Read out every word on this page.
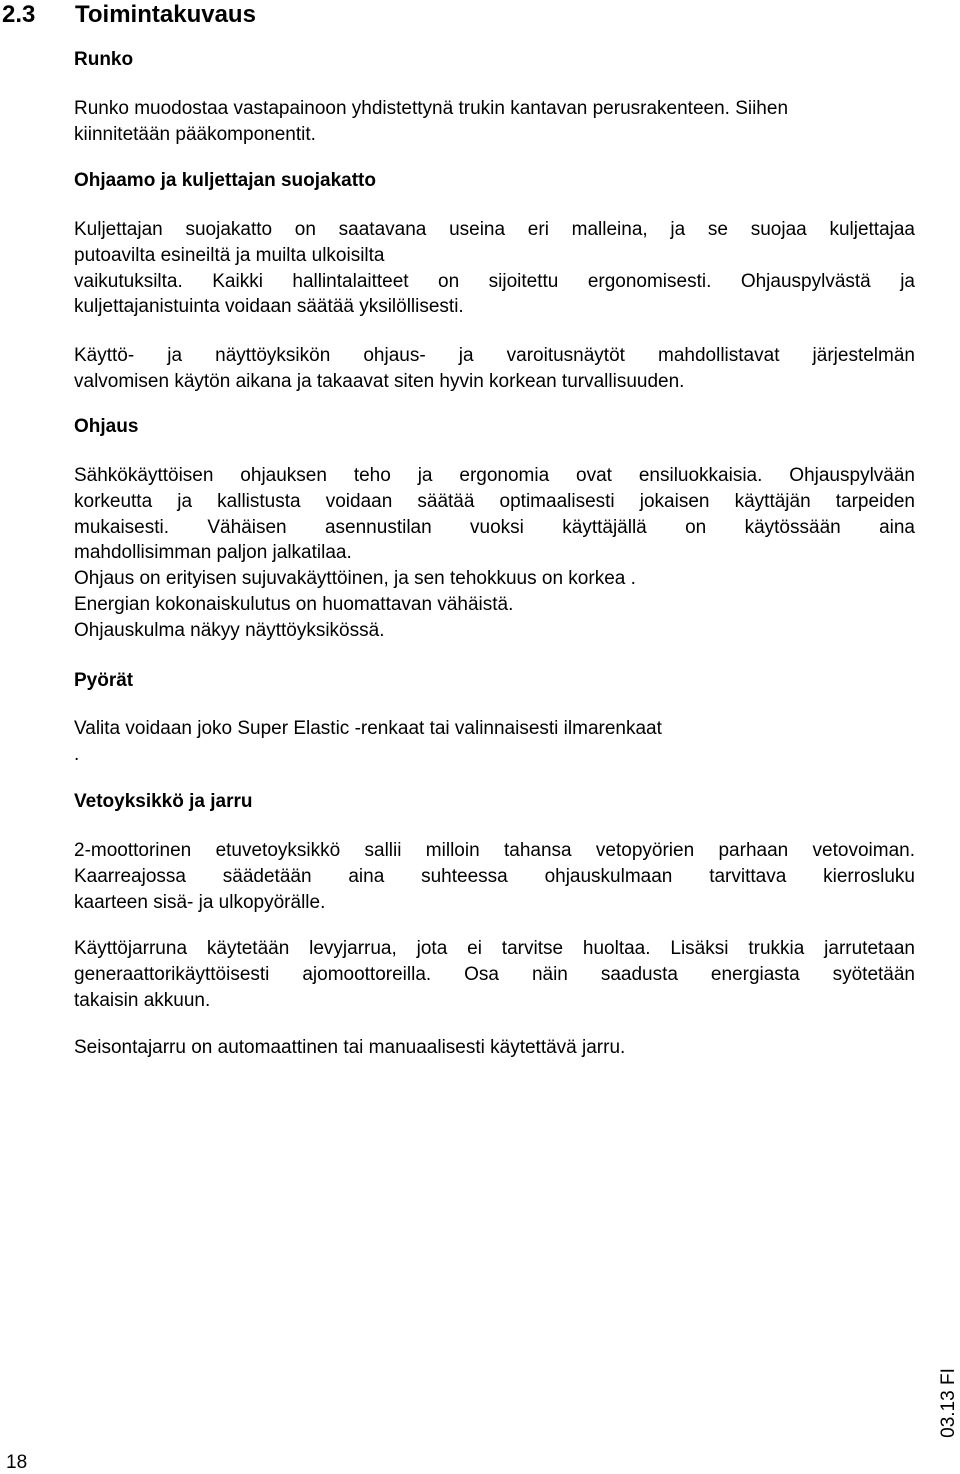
2.3 Toimintakuvaus
Runko
Runko muodostaa vastapainoon yhdistettynä trukin kantavan perusrakenteen. Siihen
kiinnitetään pääkomponentit.
Ohjaamo ja kuljettajan suojakatto
Kuljettajan suojakatto on saatavana useina eri malleina, ja se suojaa kuljettajaa
putoavilta esineiltä ja muilta ulkoisilta
vaikutuksilta. Kaikki hallintalaitteet on sijoitettu ergonomisesti. Ohjauspylvästä ja
kuljettajanistuinta voidaan säätää yksilöllisesti.
Käyttö- ja näyttöyksikön ohjaus- ja varoitusnäytöt mahdollistavat järjestelmän
valvomisen käytön aikana ja takaavat siten hyvin korkean turvallisuuden.
Ohjaus
Sähkökäyttöisen ohjauksen teho ja ergonomia ovat ensiluokkaisia. Ohjauspylvään
korkeutta ja kallistusta voidaan säätää optimaalisesti jokaisen käyttäjän tarpeiden
mukaisesti. Vähäisen asennustilan vuoksi käyttäjällä on käytössään aina
mahdollisimman paljon jalkatilaa.
Ohjaus on erityisen sujuvakäyttöinen, ja sen tehokkuus on korkea .
Energian kokonaiskulutus on huomattavan vähäistä.
Ohjauskulma näkyy näyttöyksikössä.
Pyörät
Valita voidaan joko Super Elastic -renkaat tai valinnaisesti ilmarenkaat
.
Vetoyksikkö ja jarru
2-moottorinen etuvetoyksikkö sallii milloin tahansa vetopyörien parhaan vetovoiman.
Kaarreajossa säädetään aina suhteessa ohjauskulmaan tarvittava kierrosluku
kaarteen sisä- ja ulkopyörälle.
Käyttöjarruna käytetään levyjarrua, jota ei tarvitse huoltaa. Lisäksi trukkia jarrutetaan
generaattorikäyttöisesti ajomoottoreilla. Osa näin saadusta energiasta syötetään
takaisin akkuun.
Seisontajarru on automaattinen tai manuaalisesti käytettävä jarru.
18
03.13 FI
